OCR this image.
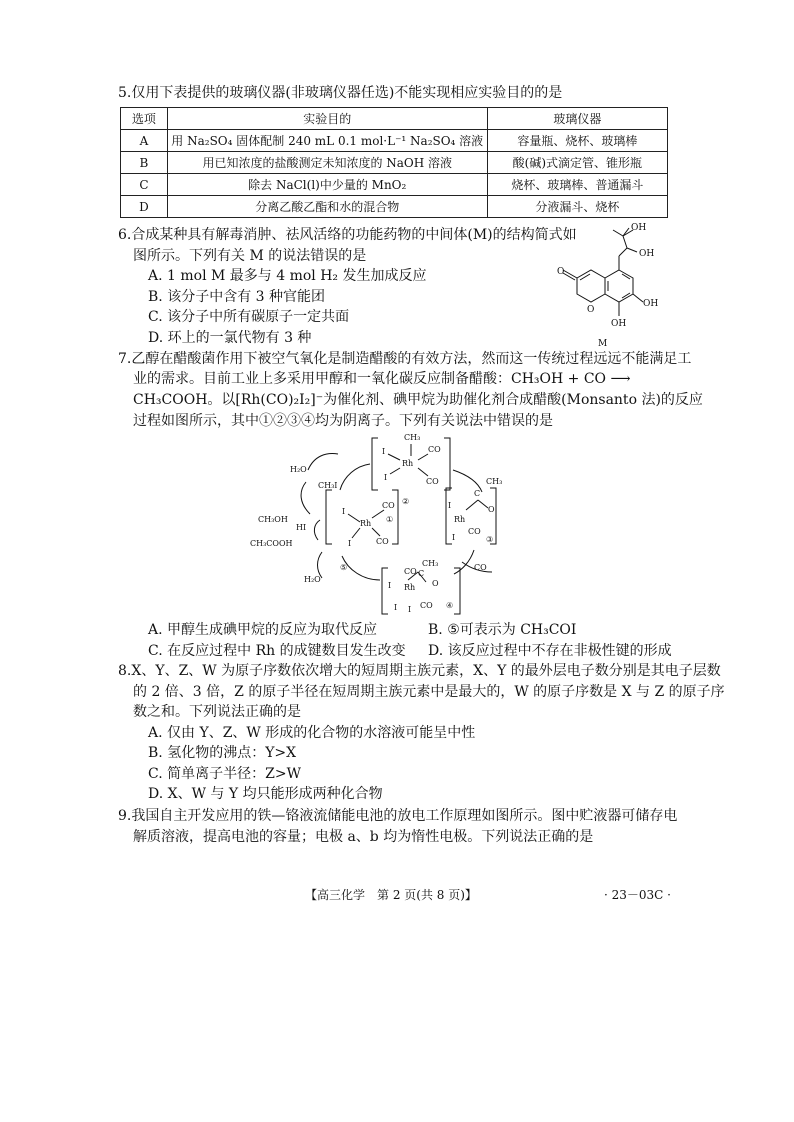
5.仅用下表提供的玻璃仪器(非玻璃仪器任选)不能实现相应实验目的的是
选项	实验目的	玻璃仪器
A	用 Na₂SO₄ 固体配制 240 mL 0.1 mol·L⁻¹ Na₂SO₄ 溶液	容量瓶、烧杯、玻璃棒
B	用已知浓度的盐酸测定未知浓度的 NaOH 溶液	酸(碱)式滴定管、锥形瓶
C	除去 NaCl(l)中少量的 MnO₂	烧杯、玻璃棒、普通漏斗
D	分离乙酸乙酯和水的混合物	分液漏斗、烧杯
6.合成某种具有解毒消肿、祛风活络的功能药物的中间体(M)的结构简式如
图所示。下列有关 M 的说法错误的是
A. 1 mol M 最多与 4 mol H₂ 发生加成反应
B. 该分子中含有 3 种官能团
C. 该分子中所有碳原子一定共面
D. 环上的一氯代物有 3 种
OH
OH
O
O
OH
OH
M
7.乙醇在醋酸菌作用下被空气氧化是制造醋酸的有效方法，然而这一传统过程远远不能满足工
业的需求。目前工业上多采用甲醇和一氧化碳反应制备醋酸：CH₃OH + CO ⟶
CH₃COOH。以[Rh(CO)₂I₂]⁻为催化剂、碘甲烷为助催化剂合成醋酸(Monsanto 法)的反应
过程如图所示，其中①②③④均为阴离子。下列有关说法中错误的是
H₂O
CH₃I
CH₃OH
HI
CH₃COOH
H₂O
CO
①
②
③
④
⑤
CH₃
Rh
CO
I
I	CO
Rh
I
CO
I	CO
Rh
I
I
CO
C
CH₃
O
Rh
CO C
CH₃
O
I
I I CO
A. 甲醇生成碘甲烷的反应为取代反应	B. ⑤可表示为 CH₃COI
C. 在反应过程中 Rh 的成键数目发生改变 D. 该反应过程中不存在非极性键的形成
8.X、Y、Z、W 为原子序数依次增大的短周期主族元素，X、Y 的最外层电子数分别是其电子层数
的 2 倍、3 倍，Z 的原子半径在短周期主族元素中是最大的，W 的原子序数是 X 与 Z 的原子序
数之和。下列说法正确的是
A. 仅由 Y、Z、W 形成的化合物的水溶液可能呈中性
B. 氢化物的沸点：Y>X
C. 简单离子半径：Z>W
D. X、W 与 Y 均只能形成两种化合物
9.我国自主开发应用的铁—铬液流储能电池的放电工作原理如图所示。图中贮液器可储存电
解质溶液，提高电池的容量；电极 a、b 均为惰性电极。下列说法正确的是
【高三化学　第 2 页(共 8 页)】	· 23－03C ·
